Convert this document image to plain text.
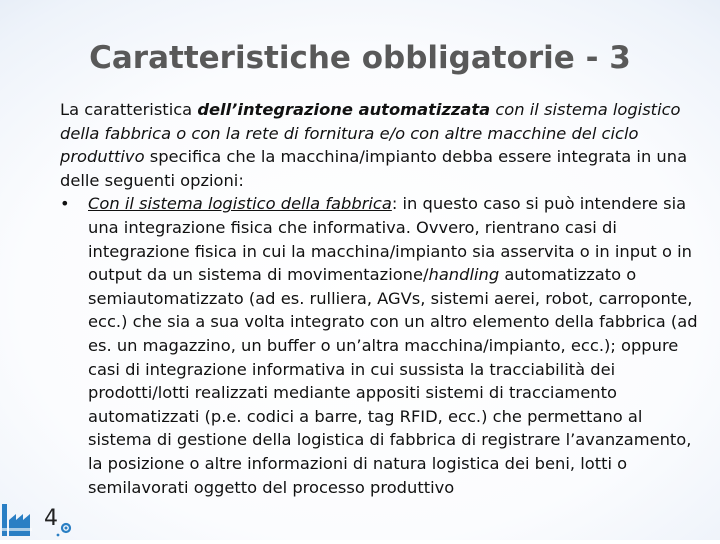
Caratteristiche obbligatorie - 3

La caratteristica dell’integrazione automatizzata con il sistema logistico della fabbrica o con la rete di fornitura e/o con altre macchine del ciclo produttivo specifica che la macchina/impianto debba essere integrata in una delle seguenti opzioni:

• Con il sistema logistico della fabbrica: in questo caso si può intendere sia una integrazione fisica che informativa. Ovvero, rientrano casi di integrazione fisica in cui la macchina/impianto sia asservita o in input o in output da un sistema di movimentazione/handling automatizzato o semiautomatizzato (ad es. rulliera, AGVs, sistemi aerei, robot, carroponte, ecc.) che sia a sua volta integrato con un altro elemento della fabbrica (ad es. un magazzino, un buffer o un’altra macchina/impianto, ecc.); oppure casi di integrazione informativa in cui sussista la tracciabilità dei prodotti/lotti realizzati mediante appositi sistemi di tracciamento automatizzati (p.e. codici a barre, tag RFID, ecc.) che permettano al sistema di gestione della logistica di fabbrica di registrare l’avanzamento, la posizione o altre informazioni di natura logistica dei beni, lotti o semilavorati oggetto del processo produttivo
4
